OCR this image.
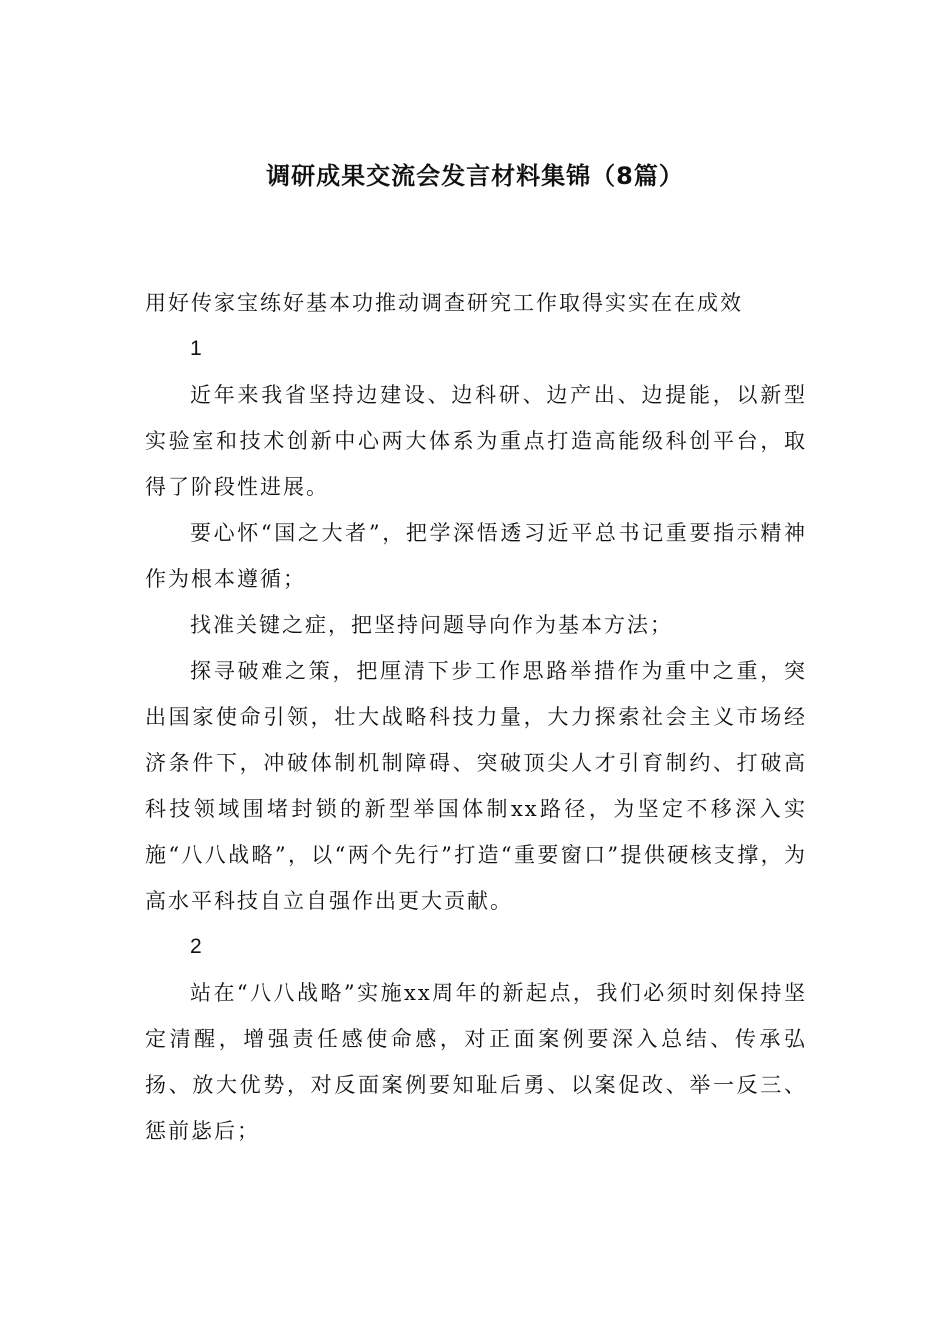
调研成果交流会发言材料集锦（8篇）

用好传家宝练好基本功推动调查研究工作取得实实在在成效

1

近年来我省坚持边建设、边科研、边产出、边提能，以新型实验室和技术创新中心两大体系为重点打造高能级科创平台，取得了阶段性进展。

要心怀“国之大者”，把学深悟透习近平总书记重要指示精神作为根本遵循；

找准关键之症，把坚持问题导向作为基本方法；

探寻破难之策，把厘清下步工作思路举措作为重中之重，突出国家使命引领，壮大战略科技力量，大力探索社会主义市场经济条件下，冲破体制机制障碍、突破顶尖人才引育制约、打破高科技领域围堵封锁的新型举国体制xx路径，为坚定不移深入实施“八八战略”，以“两个先行”打造“重要窗口”提供硬核支撑，为高水平科技自立自强作出更大贡献。

2

站在“八八战略”实施xx周年的新起点，我们必须时刻保持坚定清醒，增强责任感使命感，对正面案例要深入总结、传承弘扬、放大优势，对反面案例要知耻后勇、以案促改、举一反三、惩前毖后；
